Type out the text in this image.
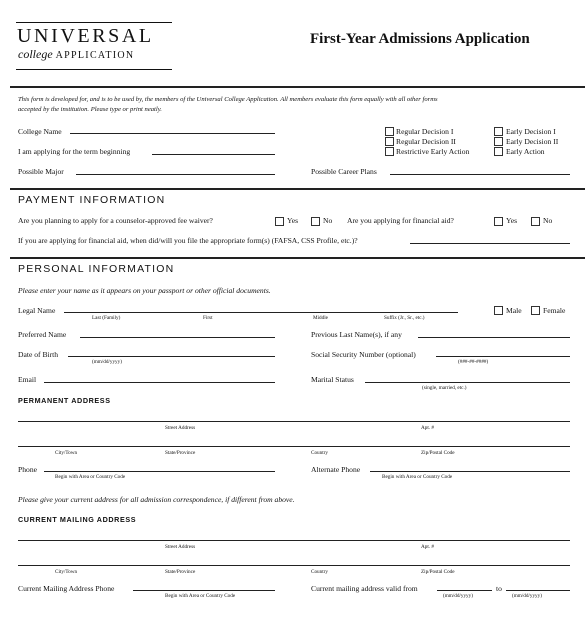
UNIVERSAL
college APPLICATION
First-Year Admissions Application
This form is developed for, and is to be used by, the members of the Universal College Application. All members evaluate this form equally with all other forms
accepted by the institution. Please type or print neatly.
College Name
I am applying for the term beginning
Possible Major	Possible Career Plans
Regular Decision I	Early Decision I
Regular Decision II	Early Decision II
Restrictive Early Action	Early Action
PAYMENT INFORMATION
Are you planning to apply for a counselor-approved fee waiver?	Yes	No Are you applying for financial aid?	Yes	No
If you are applying for financial aid, when did/will you file the appropriate form(s) (FAFSA, CSS Profile, etc.)?
PERSONAL INFORMATION
Please enter your name as it appears on your passport or other official documents.
Legal Name
Last (Family)	First	Middle	Suffix (Jr., Sr., etc.)
Male	Female
Preferred Name	Previous Last Name(s), if any
Date of Birth
(mm/dd/yyyy)
Social Security Number (optional)
(###-##-####)
Email	Marital Status
(single, married, etc.)
PERMANENT ADDRESS
Street Address	Apt. #
City/Town	State/Province	Country	Zip/Postal Code
Phone
Begin with Area or Country Code
Alternate Phone
Begin with Area or Country Code
Please give your current address for all admission correspondence, if different from above.
CURRENT MAILING ADDRESS
Street Address	Apt. #
City/Town	State/Province	Country	Zip/Postal Code
Current Mailing Address Phone
Begin with Area or Country Code
Current mailing address valid from
(mm/dd/yyyy)
to
(mm/dd/yyyy)
